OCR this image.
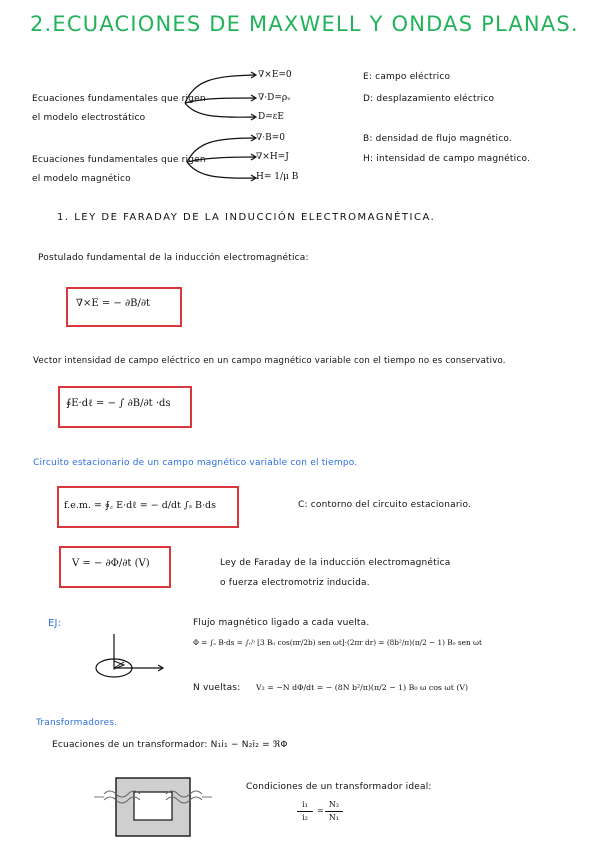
2.ECUACIONES DE MAXWELL Y ONDAS PLANAS.
Ecuaciones fundamentales que rigen
el modelo electrostático
∇×E=0
∇·D=ρᵥ
D=εE
E: campo eléctrico
D: desplazamiento eléctrico
Ecuaciones fundamentales que rigen
el modelo magnético
∇·B=0
∇×H=J
H= 1/μ B
B: densidad de flujo magnético.
H: intensidad de campo magnético.
1. LEY DE FARADAY DE LA INDUCCIÓN ELECTROMAGNÉTICA.
Postulado fundamental de la inducción electromagnética:
∇×E = − ∂B/∂t
Vector intensidad de campo eléctrico en un campo magnético variable con el tiempo no es conservativo.
∮E·dℓ = − ∫ ∂B/∂t ·ds
Circuito estacionario de un campo magnético variable con el tiempo.
f.e.m. = ∮꜀ E·dℓ = − d/dt ∫ₛ B·ds	C: contorno del circuito estacionario.
V = − ∂Φ/∂t (V)	Ley de Faraday de la inducción electromagnética
o fuerza electromotriz inducida.
EJ:	Flujo magnético ligado a cada vuelta.
Φ = ∫ₛ B·ds = ∫₀ᵇ [3 B₀ cos(πr/2b) sen ωt]·(2πr dr) = (8b²/π)(π/2 − 1) B₀ sen ωt
N vueltas: V₂ = −N dΦ/dt = − (8N b²/π)(π/2 − 1) B₀ ω cos ωt (V)
Transformadores.
Ecuaciones de un transformador: N₁i₁ − N₂i₂ = ℜΦ
Condiciones de un transformador ideal:
i₁
i₂
=
N₂
N₁
